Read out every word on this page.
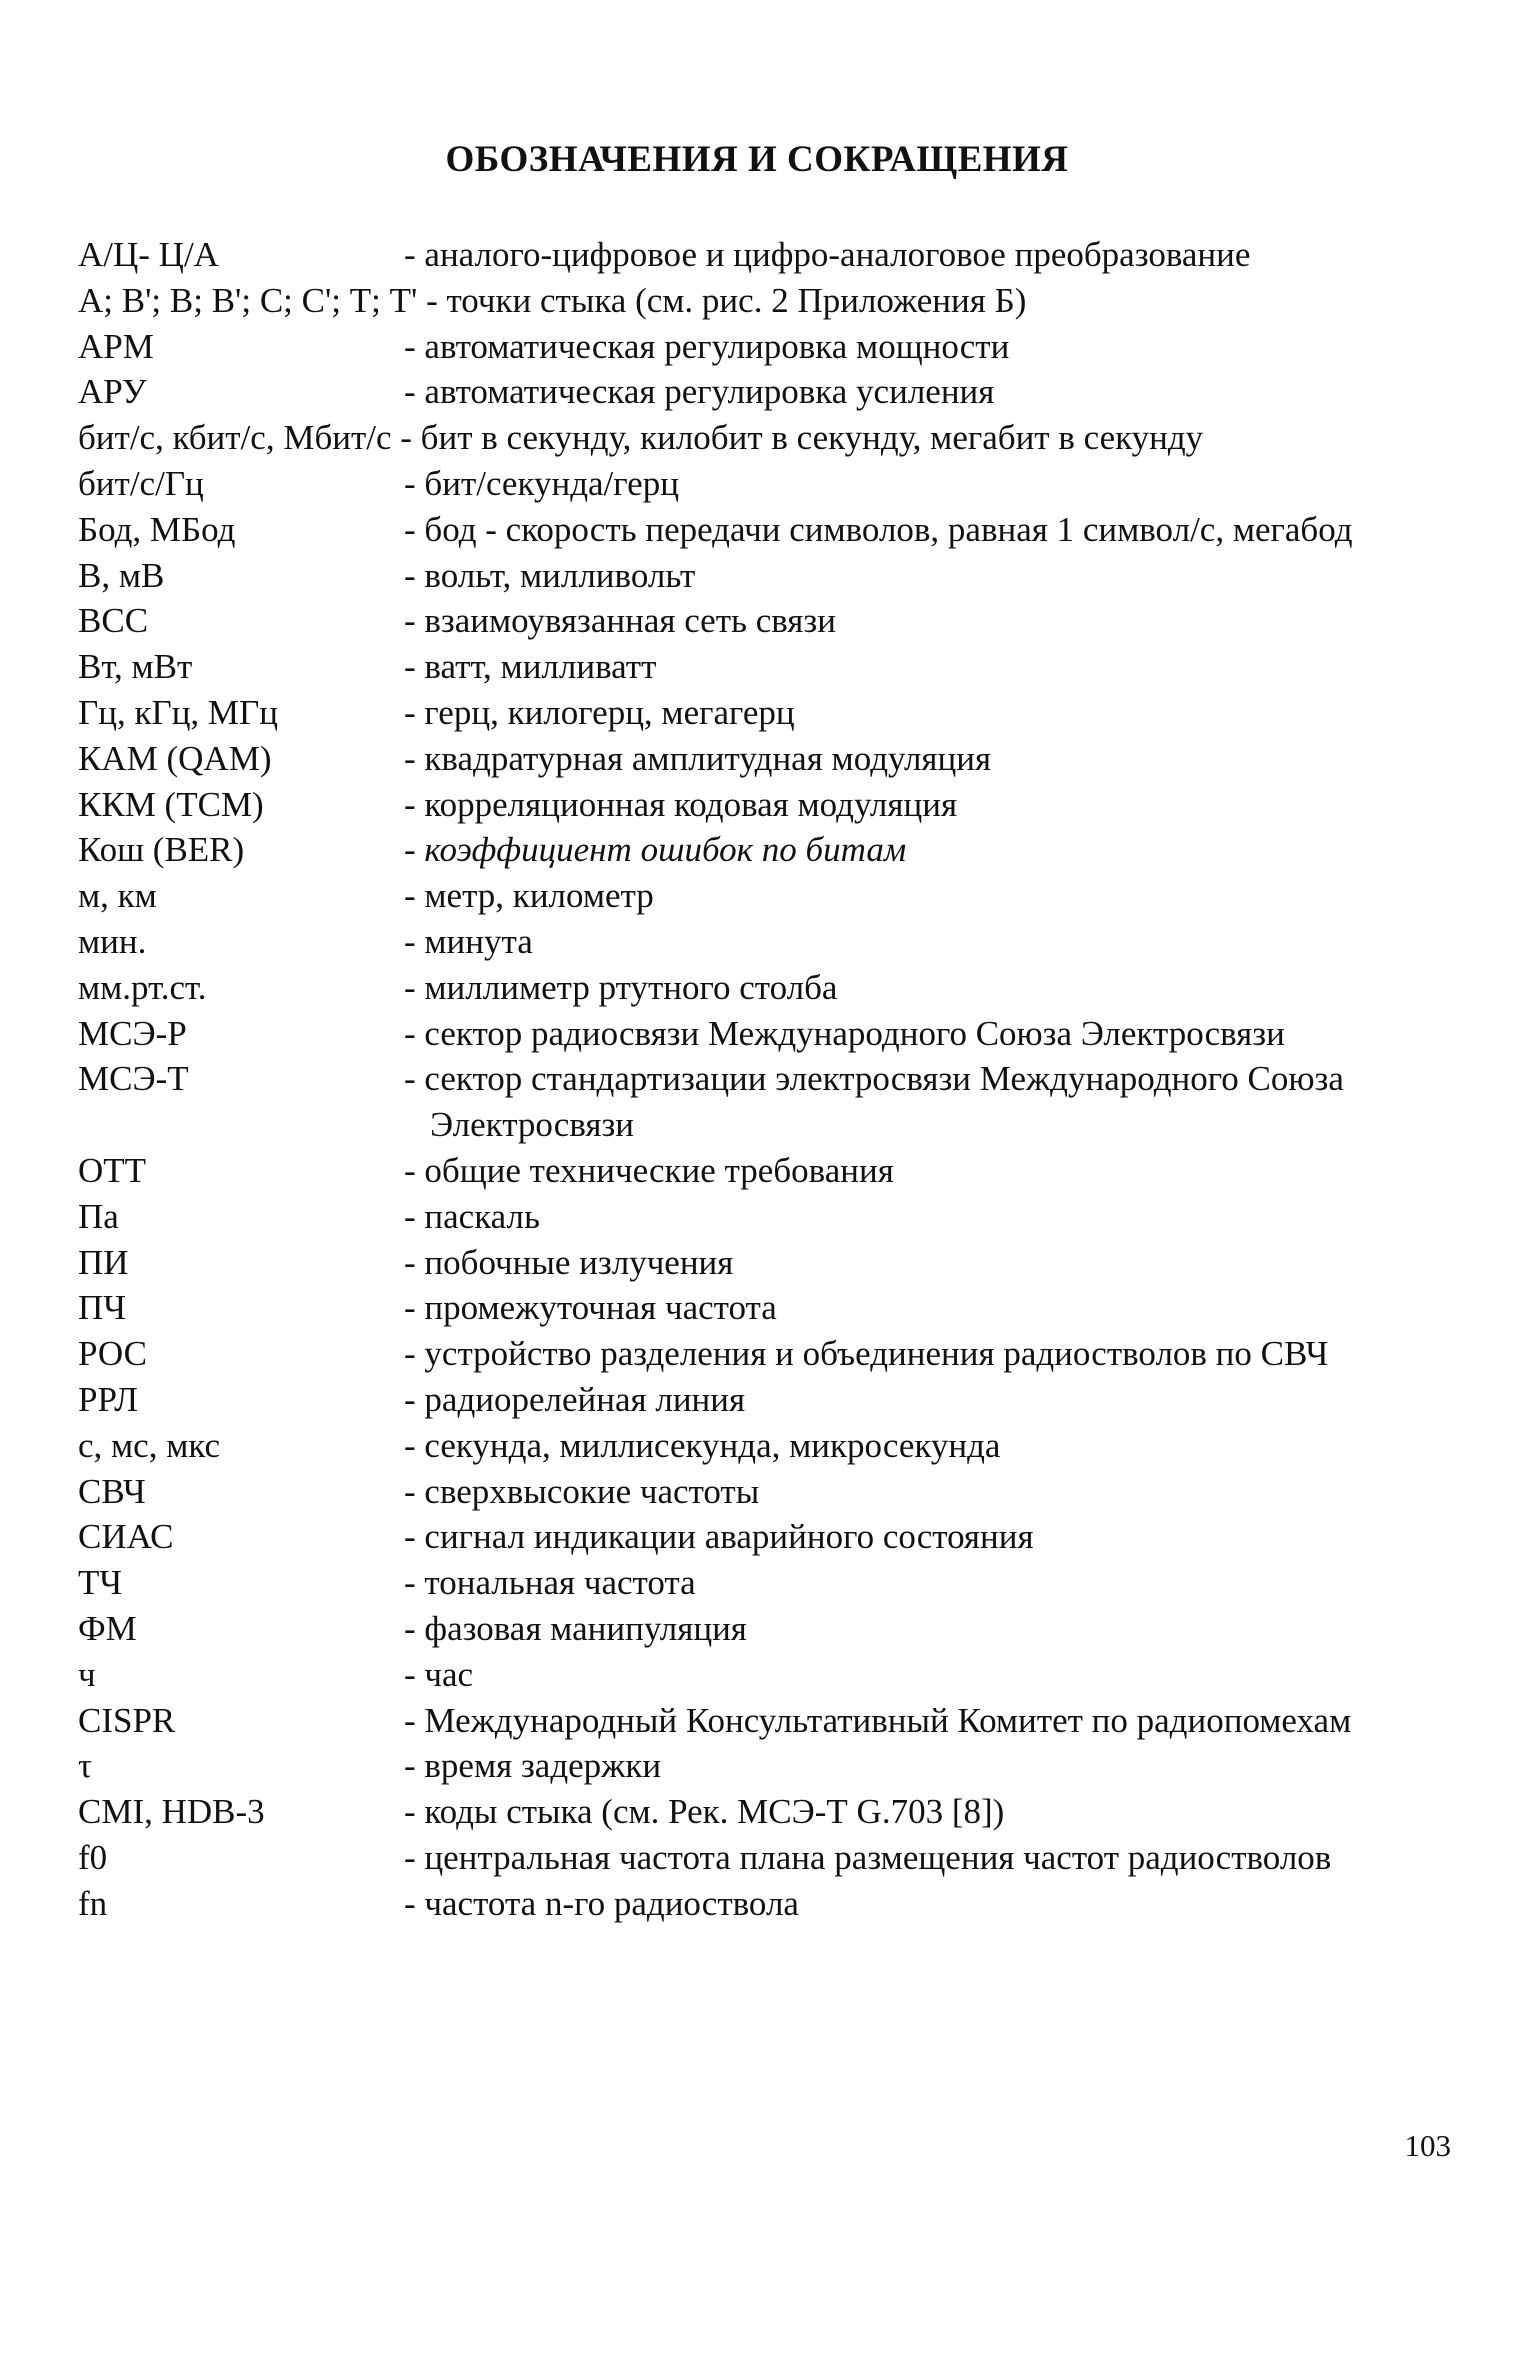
ОБОЗНАЧЕНИЯ И СОКРАЩЕНИЯ
А/Ц- Ц/А	- аналого-цифровое и цифро-аналоговое преобразование
А; В'; В; В'; С; С'; Т; Т' - точки стыка (см. рис. 2 Приложения Б)
АРМ	- автоматическая регулировка мощности
АРУ	- автоматическая регулировка усиления
бит/с, кбит/с, Мбит/с - бит в секунду, килобит в секунду, мегабит в секунду
бит/с/Гц	- бит/секунда/герц
Бод, МБод	- бод - скорость передачи символов, равная 1 символ/с, мегабод
В, мВ	- вольт, милливольт
ВСС	- взаимоувязанная сеть связи
Вт, мВт	- ватт, милливатт
Гц, кГц, МГц	- герц, килогерц, мегагерц
КАМ (QAM)	- квадратурная амплитудная модуляция
ККМ (TCM)	- корреляционная кодовая модуляция
Кош (BER)	- коэффициент ошибок по битам
м, км	- метр, километр
мин.	- минута
мм.рт.ст.	- миллиметр ртутного столба
МСЭ-Р	- сектор радиосвязи Международного Союза Электросвязи
МСЭ-Т	- сектор стандартизации электросвязи Международного Союза Электросвязи
ОТТ	- общие технические требования
Па	- паскаль
ПИ	- побочные излучения
ПЧ	- промежуточная частота
РОС	- устройство разделения и объединения радиостволов по СВЧ
РРЛ	- радиорелейная линия
с, мс, мкс	- секунда, миллисекунда, микросекунда
СВЧ	- сверхвысокие частоты
СИАС	- сигнал индикации аварийного состояния
ТЧ	- тональная частота
ФМ	- фазовая манипуляция
ч	- час
CISPR	- Международный Консультативный Комитет по радиопомехам
τ	- время задержки
CMI, HDB-3	- коды стыка (см. Рек. МСЭ-Т G.703 [8])
f0	- центральная частота плана размещения частот радиостволов
fn	- частота n-го радиоствола
103
